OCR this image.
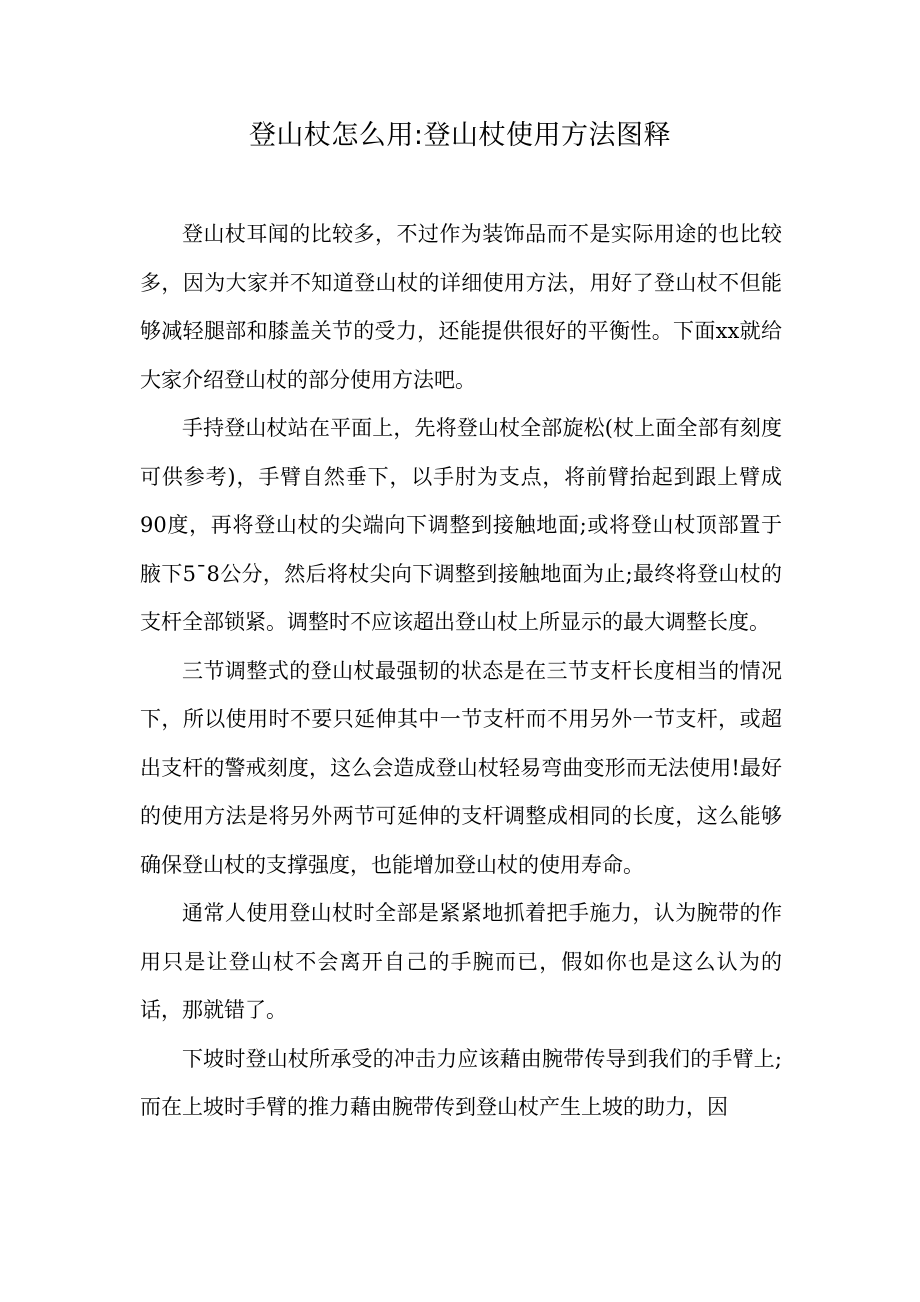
登山杖怎么用:登山杖使用方法图释

登山杖耳闻的比较多，不过作为装饰品而不是实际用途的也比较多，因为大家并不知道登山杖的详细使用方法，用好了登山杖不但能够减轻腿部和膝盖关节的受力，还能提供很好的平衡性。下面xx就给大家介绍登山杖的部分使用方法吧。

手持登山杖站在平面上，先将登山杖全部旋松(杖上面全部有刻度可供参考)，手臂自然垂下，以手肘为支点，将前臂抬起到跟上臂成90度，再将登山杖的尖端向下调整到接触地面;或将登山杖顶部置于腋下5¯8公分，然后将杖尖向下调整到接触地面为止;最终将登山杖的支杆全部锁紧。调整时不应该超出登山杖上所显示的最大调整长度。

三节调整式的登山杖最强韧的状态是在三节支杆长度相当的情况下，所以使用时不要只延伸其中一节支杆而不用另外一节支杆，或超出支杆的警戒刻度，这么会造成登山杖轻易弯曲变形而无法使用!最好的使用方法是将另外两节可延伸的支杆调整成相同的长度，这么能够确保登山杖的支撑强度，也能增加登山杖的使用寿命。

通常人使用登山杖时全部是紧紧地抓着把手施力，认为腕带的作用只是让登山杖不会离开自己的手腕而已，假如你也是这么认为的话，那就错了。

下坡时登山杖所承受的冲击力应该藉由腕带传导到我们的手臂上;而在上坡时手臂的推力藉由腕带传到登山杖产生上坡的助力，因
